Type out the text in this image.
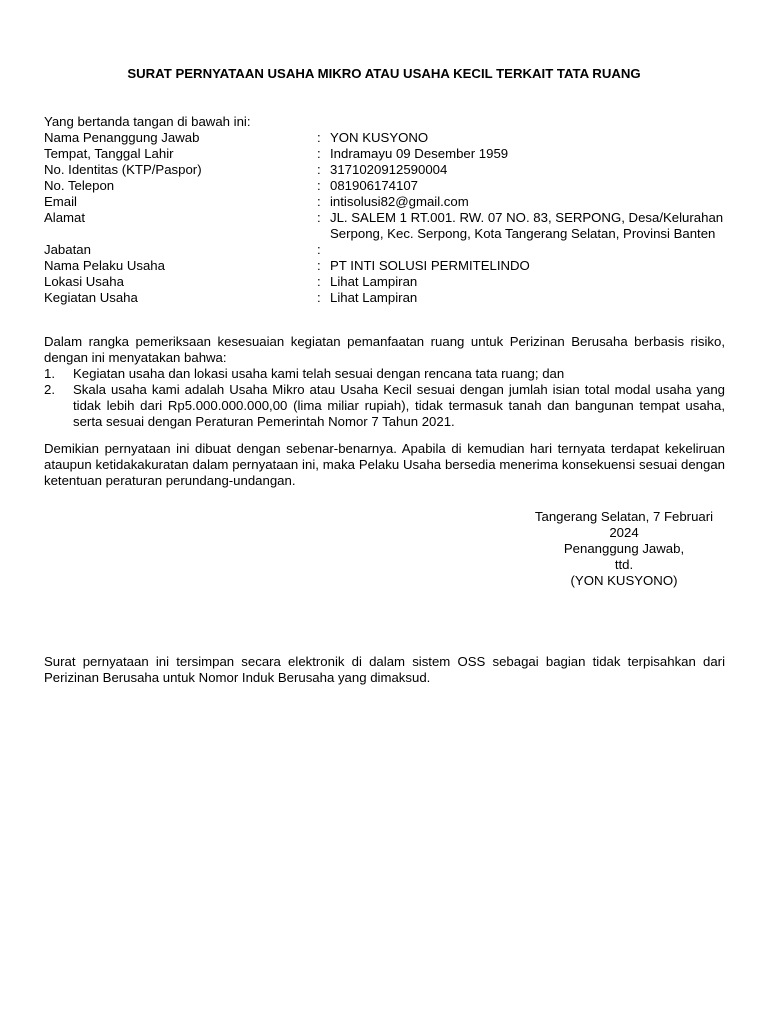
SURAT PERNYATAAN USAHA MIKRO ATAU USAHA KECIL TERKAIT TATA RUANG
Yang bertanda tangan di bawah ini:
Nama Penanggung Jawab	: YON KUSYONO
Tempat, Tanggal Lahir	: Indramayu 09 Desember 1959
No. Identitas (KTP/Paspor)	: 3171020912590004
No. Telepon	: 081906174107
Email	: intisolusi82@gmail.com
Alamat	: JL. SALEM 1 RT.001. RW. 07 NO. 83, SERPONG, Desa/Kelurahan Serpong, Kec. Serpong, Kota Tangerang Selatan, Provinsi Banten
Jabatan	:
Nama Pelaku Usaha	: PT INTI SOLUSI PERMITELINDO
Lokasi Usaha	: Lihat Lampiran
Kegiatan Usaha	: Lihat Lampiran
Dalam rangka pemeriksaan kesesuaian kegiatan pemanfaatan ruang untuk Perizinan Berusaha berbasis risiko, dengan ini menyatakan bahwa:
1. Kegiatan usaha dan lokasi usaha kami telah sesuai dengan rencana tata ruang; dan
2. Skala usaha kami adalah Usaha Mikro atau Usaha Kecil sesuai dengan jumlah isian total modal usaha yang tidak lebih dari Rp5.000.000.000,00 (lima miliar rupiah), tidak termasuk tanah dan bangunan tempat usaha, serta sesuai dengan Peraturan Pemerintah Nomor 7 Tahun 2021.
Demikian pernyataan ini dibuat dengan sebenar-benarnya. Apabila di kemudian hari ternyata terdapat kekeliruan ataupun ketidakakuratan dalam pernyataan ini, maka Pelaku Usaha bersedia menerima konsekuensi sesuai dengan ketentuan peraturan perundang-undangan.
Tangerang Selatan, 7 Februari
2024
Penanggung Jawab,
ttd.
(YON KUSYONO)
Surat pernyataan ini tersimpan secara elektronik di dalam sistem OSS sebagai bagian tidak terpisahkan dari Perizinan Berusaha untuk Nomor Induk Berusaha yang dimaksud.
